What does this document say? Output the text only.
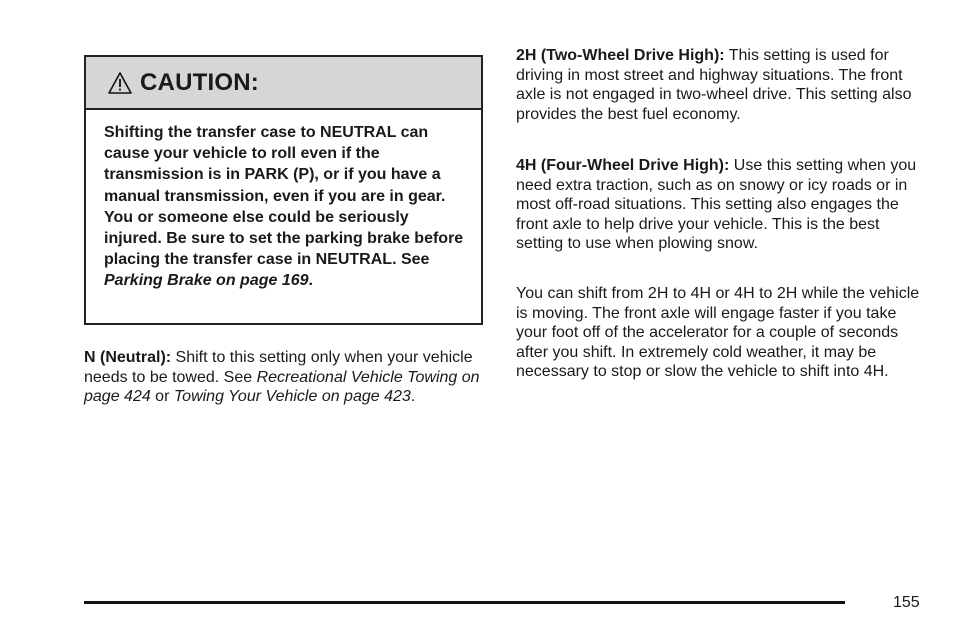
CAUTION:
Shifting the transfer case to NEUTRAL can cause your vehicle to roll even if the transmission is in PARK (P), or if you have a manual transmission, even if you are in gear. You or someone else could be seriously injured. Be sure to set the parking brake before placing the transfer case in NEUTRAL. See Parking Brake on page 169.
N (Neutral): Shift to this setting only when your vehicle needs to be towed. See Recreational Vehicle Towing on page 424 or Towing Your Vehicle on page 423.
2H (Two-Wheel Drive High): This setting is used for driving in most street and highway situations. The front axle is not engaged in two-wheel drive. This setting also provides the best fuel economy.
4H (Four-Wheel Drive High): Use this setting when you need extra traction, such as on snowy or icy roads or in most off-road situations. This setting also engages the front axle to help drive your vehicle. This is the best setting to use when plowing snow.
You can shift from 2H to 4H or 4H to 2H while the vehicle is moving. The front axle will engage faster if you take your foot off of the accelerator for a couple of seconds after you shift. In extremely cold weather, it may be necessary to stop or slow the vehicle to shift into 4H.
155
